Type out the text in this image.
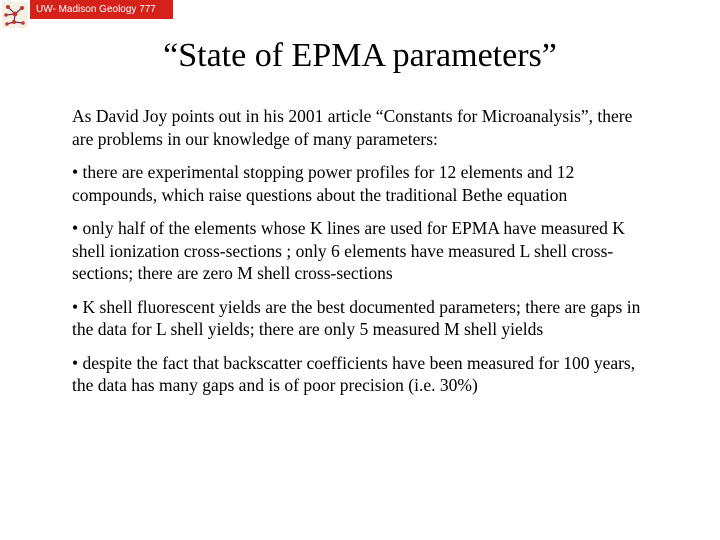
UW- Madison Geology 777
“State of EPMA parameters”

As David Joy points out in his 2001 article “Constants for Microanalysis”, there are problems in our knowledge of many parameters:

• there are experimental stopping power profiles for 12 elements and 12 compounds, which raise questions about the traditional Bethe equation

• only half of the elements whose K lines are used for EPMA have measured K shell ionization cross-sections ; only 6 elements have measured L shell cross-sections; there are zero M shell cross-sections

• K shell fluorescent yields are the best documented parameters; there are gaps in the data for L shell yields; there are only 5 measured M shell yields

• despite the fact that backscatter coefficients have been measured for 100 years, the data has many gaps and is of poor precision (i.e. 30%)
